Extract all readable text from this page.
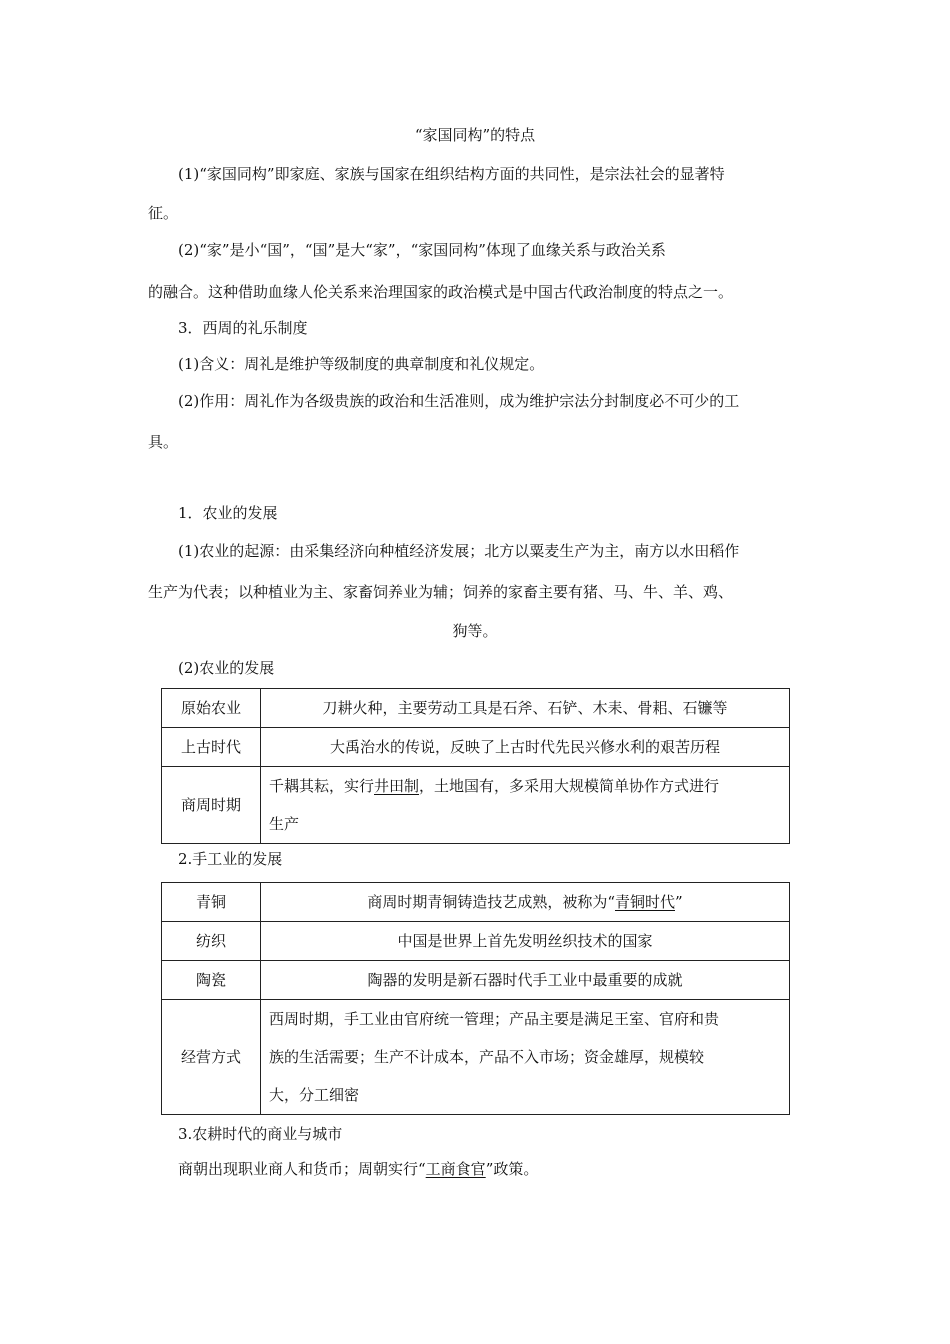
“家国同构”的特点
(1)“家国同构”即家庭、家族与国家在组织结构方面的共同性，是宗法社会的显著特
征。
(2)“家”是小“国”，“国”是大“家”，“家国同构”体现了血缘关系与政治关系
的融合。这种借助血缘人伦关系来治理国家的政治模式是中国古代政治制度的特点之一。
3．西周的礼乐制度
(1)含义：周礼是维护等级制度的典章制度和礼仪规定。
(2)作用：周礼作为各级贵族的政治和生活准则，成为维护宗法分封制度必不可少的工
具。
1．农业的发展
(1)农业的起源：由采集经济向种植经济发展；北方以粟麦生产为主，南方以水田稻作
生产为代表；以种植业为主、家畜饲养业为辅；饲养的家畜主要有猪、马、牛、羊、鸡、
狗等。
(2)农业的发展
原始农业	刀耕火种，主要劳动工具是石斧、石铲、木耒、骨耜、石镰等
上古时代	大禹治水的传说，反映了上古时代先民兴修水利的艰苦历程
商周时期	千耦其耘，实行井田制，土地国有，多采用大规模简单协作方式进行
生产
2.手工业的发展
青铜	商周时期青铜铸造技艺成熟，被称为“青铜时代”
纺织	中国是世界上首先发明丝织技术的国家
陶瓷	陶器的发明是新石器时代手工业中最重要的成就
经营方式	西周时期，手工业由官府统一管理；产品主要是满足王室、官府和贵
族的生活需要；生产不计成本，产品不入市场；资金雄厚，规模较
大，分工细密
3.农耕时代的商业与城市
商朝出现职业商人和货币；周朝实行“工商食官”政策。
